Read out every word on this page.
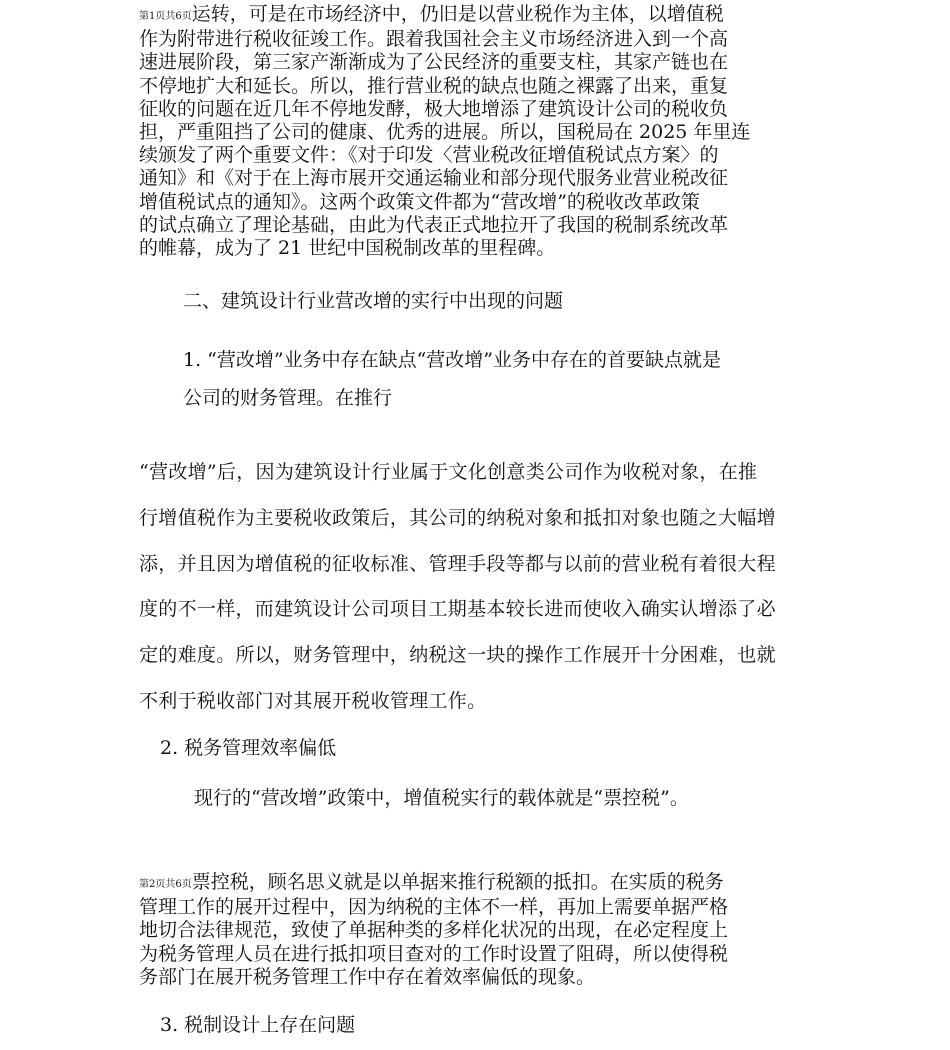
第1页共6页运转，可是在市场经济中，仍旧是以营业税作为主体，以增值税
作为附带进行税收征竣工作。跟着我国社会主义市场经济进入到一个高
速进展阶段，第三家产渐渐成为了公民经济的重要支柱，其家产链也在
不停地扩大和延长。所以，推行营业税的缺点也随之裸露了出来，重复
征收的问题在近几年不停地发酵，极大地增添了建筑设计公司的税收负
担，严重阻挡了公司的健康、优秀的进展。所以，国税局在 2025 年里连
续颁发了两个重要文件：《对于印发〈营业税改征增值税试点方案〉的
通知》和《对于在上海市展开交通运输业和部分现代服务业营业税改征
增值税试点的通知》。这两个政策文件都为“营改增”的税收改革政策
的试点确立了理论基础，由此为代表正式地拉开了我国的税制系统改革
的帷幕，成为了 21 世纪中国税制改革的里程碑。
二、建筑设计行业营改增的实行中出现的问题
1. “营改增”业务中存在缺点“营改增”业务中存在的首要缺点就是
公司的财务管理。在推行
“营改增”后，因为建筑设计行业属于文化创意类公司作为收税对象，在推
行增值税作为主要税收政策后，其公司的纳税对象和抵扣对象也随之大幅增
添，并且因为增值税的征收标准、管理手段等都与以前的营业税有着很大程
度的不一样，而建筑设计公司项目工期基本较长进而使收入确实认增添了必
定的难度。所以，财务管理中，纳税这一块的操作工作展开十分困难，也就
不利于税收部门对其展开税收管理工作。
2. 税务管理效率偏低
现行的“营改增”政策中，增值税实行的载体就是“票控税”。
第2页共6页票控税，顾名思义就是以单据来推行税额的抵扣。在实质的税务
管理工作的展开过程中，因为纳税的主体不一样，再加上需要单据严格
地切合法律规范，致使了单据种类的多样化状况的出现，在必定程度上
为税务管理人员在进行抵扣项目查对的工作时设置了阻碍，所以使得税
务部门在展开税务管理工作中存在着效率偏低的现象。
3. 税制设计上存在问题
